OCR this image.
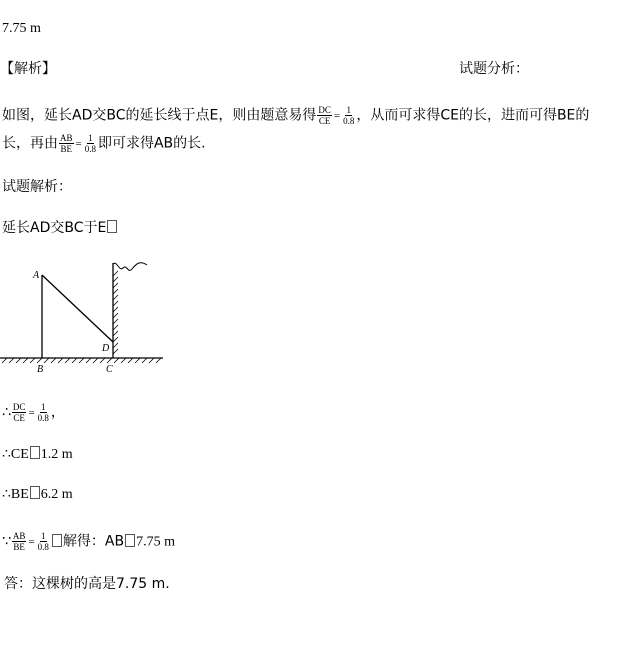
7.75 m
【解析】	试题分析：
如图，延长AD交BC的延长线于点E，则由题意易得 $\frac{DC}{CE} = \frac{1}{0.8}$ ，从而可求得CE的长，进而可得BE的
长，再由 $\frac{AB}{BE} = \frac{1}{0.8}$ 即可求得AB的长.
试题解析：
延长AD交BC于E
A
B	C
D
∴ $\frac{DC}{CE} = \frac{1}{0.8}$ ，
∴CE 1.2 m
∴BE 6.2 m
∵ $\frac{AB}{BE} = \frac{1}{0.8}$ 解得：AB 7.75 m
答：这棵树的高是7.75 m.
